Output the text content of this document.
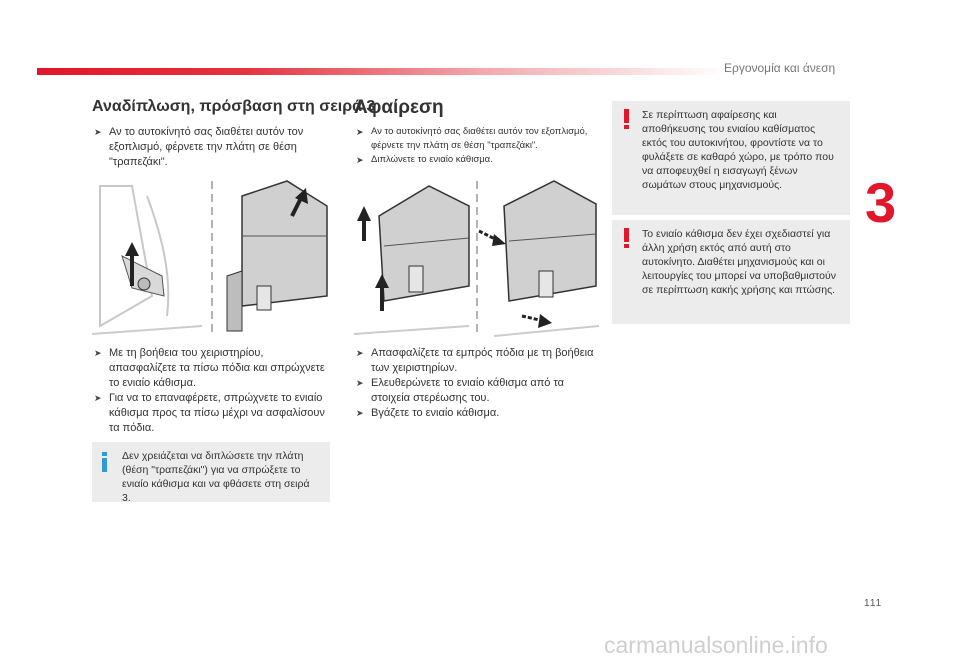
Εργονομία και άνεση
3
Αναδίπλωση, πρόσβαση στη σειρά 3
➤ Αν το αυτοκίνητό σας διαθέτει αυτόν τον εξοπλισμό, φέρνετε την πλάτη σε θέση "τραπεζάκι".
➤ Με τη βοήθεια του χειριστηρίου, απασφαλίζετε τα πίσω πόδια και σπρώχνετε το ενιαίο κάθισμα.
➤ Για να το επαναφέρετε, σπρώχνετε το ενιαίο κάθισμα προς τα πίσω μέχρι να ασφαλίσουν τα πόδια.
Δεν χρειάζεται να διπλώσετε την πλάτη (θέση "τραπεζάκι") για να σπρώξετε το ενιαίο κάθισμα και να φθάσετε στη σειρά 3.
Αφαίρεση
➤ Αν το αυτοκίνητό σας διαθέτει αυτόν τον εξοπλισμό, φέρνετε την πλάτη σε θέση "τραπεζάκι".
➤ Διπλώνετε το ενιαίο κάθισμα.
➤ Απασφαλίζετε τα εμπρός πόδια με τη βοήθεια των χειριστηρίων.
➤ Ελευθερώνετε το ενιαίο κάθισμα από τα στοιχεία στερέωσης του.
➤ Βγάζετε το ενιαίο κάθισμα.
Σε περίπτωση αφαίρεσης και αποθήκευσης του ενιαίου καθίσματος εκτός του αυτοκινήτου, φροντίστε να το φυλάξετε σε καθαρό χώρο, με τρόπο που να αποφευχθεί η εισαγωγή ξένων σωμάτων στους μηχανισμούς.
Το ενιαίο κάθισμα δεν έχει σχεδιαστεί για άλλη χρήση εκτός από αυτή στο αυτοκίνητο. Διαθέτει μηχανισμούς και οι λειτουργίες του μπορεί να υποβαθμιστούν σε περίπτωση κακής χρήσης και πτώσης.
111
carmanualsonline.info
